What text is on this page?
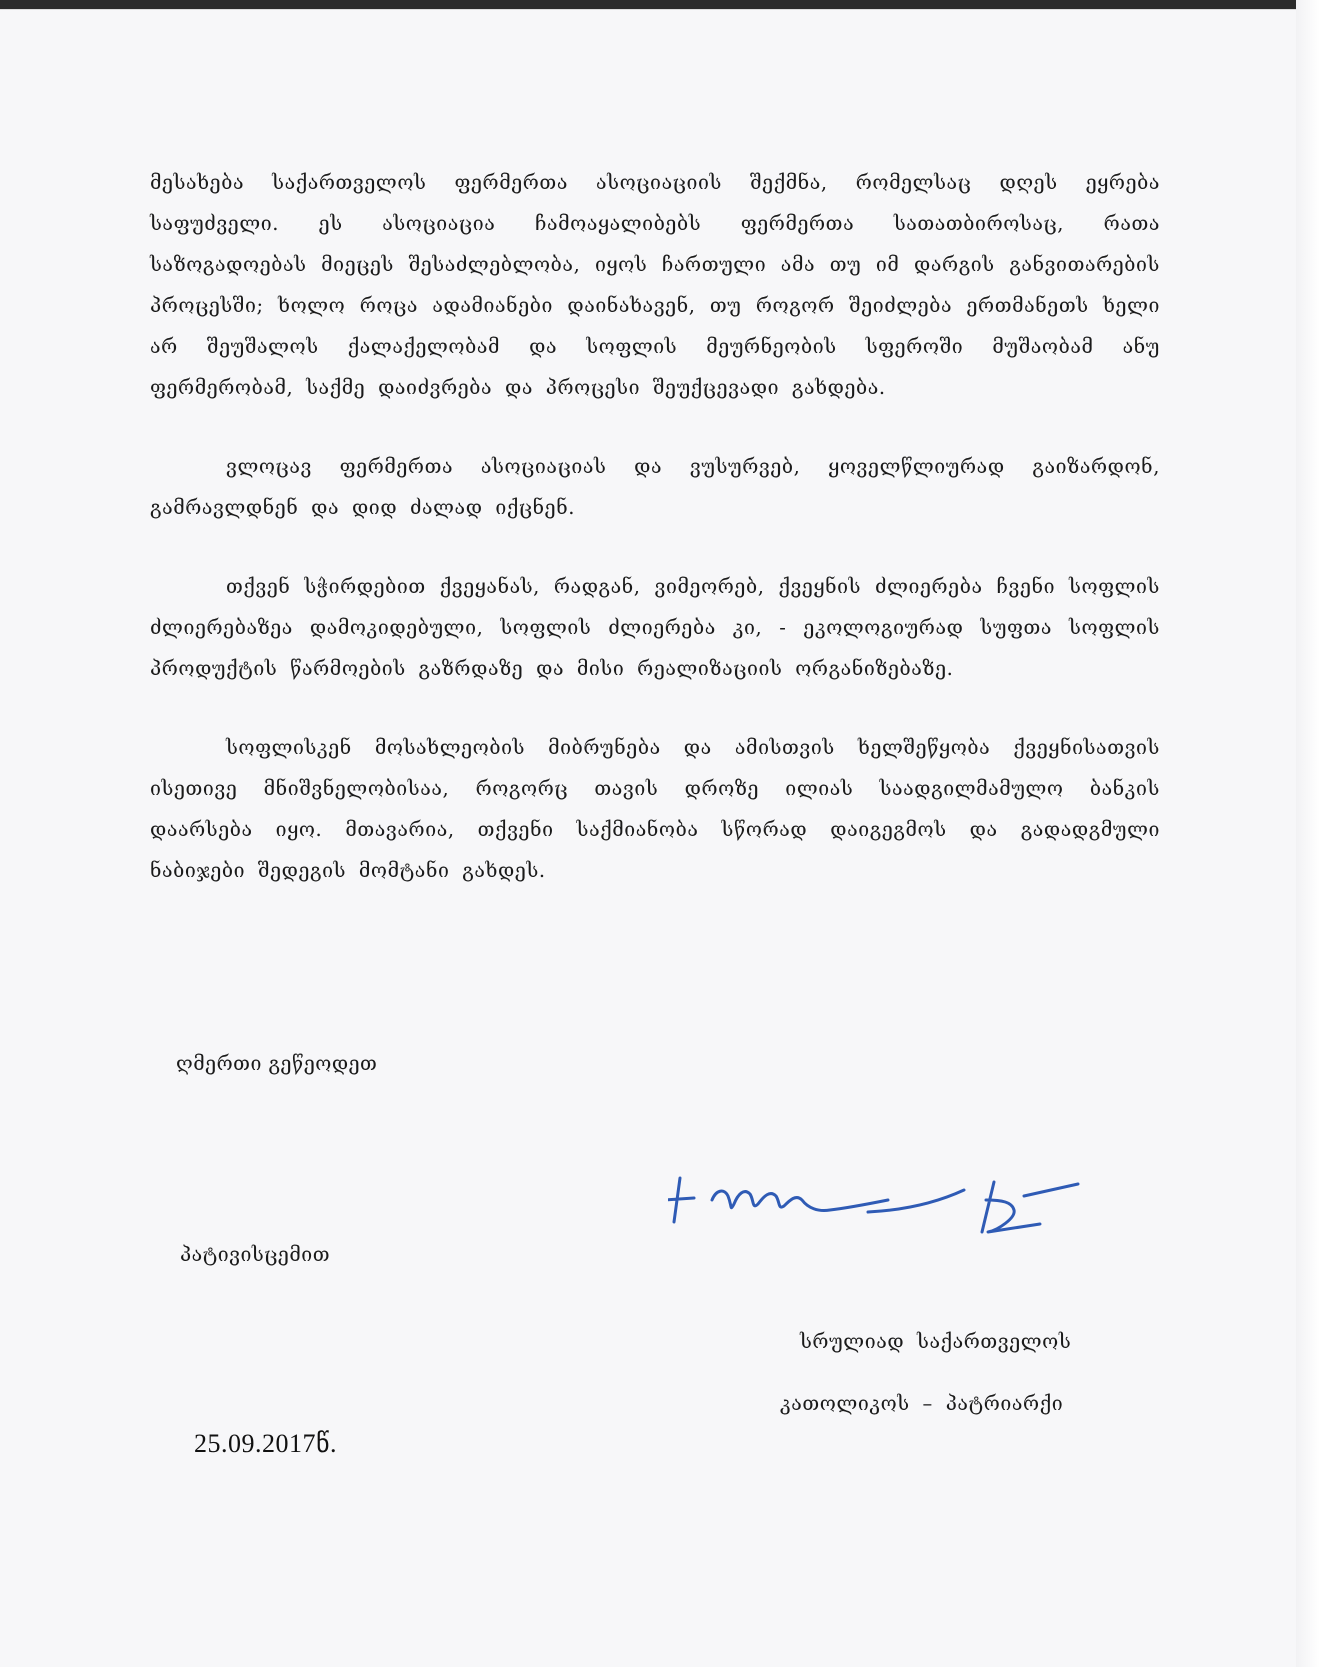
მესახება საქართველოს ფერმერთა ასოციაციის შექმნა, რომელსაც დღეს ეყრება საფუძველი. ეს ასოციაცია ჩამოაყალიბებს ფერმერთა სათათბიროსაც, რათა საზოგადოებას მიეცეს შესაძლებლობა, იყოს ჩართული ამა თუ იმ დარგის განვითარების პროცესში; ხოლო როცა ადამიანები დაინახავენ, თუ როგორ შეიძლება ერთმანეთს ხელი არ შეუშალოს ქალაქელობამ და სოფლის მეურნეობის სფეროში მუშაობამ ანუ ფერმერობამ, საქმე დაიძვრება და პროცესი შეუქცევადი გახდება.

ვლოცავ ფერმერთა ასოციაციას და ვუსურვებ, ყოველწლიურად გაიზარდონ, გამრავლდნენ და დიდ ძალად იქცნენ.

თქვენ სჭირდებით ქვეყანას, რადგან, ვიმეორებ, ქვეყნის ძლიერება ჩვენი სოფლის ძლიერებაზეა დამოკიდებული, სოფლის ძლიერება კი, - ეკოლოგიურად სუფთა სოფლის პროდუქტის წარმოების გაზრდაზე და მისი რეალიზაციის ორგანიზებაზე.

სოფლისკენ მოსახლეობის მიბრუნება და ამისთვის ხელშეწყობა ქვეყნისათვის ისეთივე მნიშვნელობისაა, როგორც თავის დროზე ილიას საადგილმამულო ბანკის დაარსება იყო. მთავარია, თქვენი საქმიანობა სწორად დაიგეგმოს და გადადგმული ნაბიჯები შედეგის მომტანი გახდეს.

ღმერთი გეწეოდეთ
პატივისცემით
სრულიად საქართველოს
კათოლიკოს – პატრიარქი
25.09.2017წ.
